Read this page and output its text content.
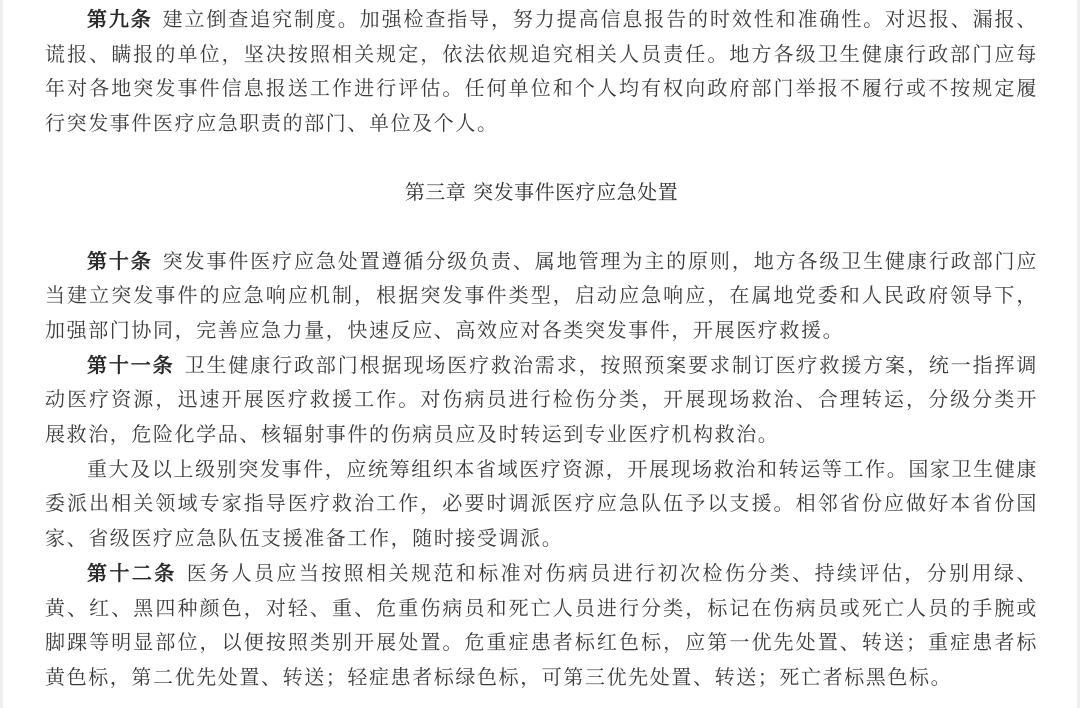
第九条 建立倒查追究制度。加强检查指导，努力提高信息报告的时效性和准确性。对迟报、漏报、谎报、瞒报的单位，坚决按照相关规定，依法依规追究相关人员责任。地方各级卫生健康行政部门应每年对各地突发事件信息报送工作进行评估。任何单位和个人均有权向政府部门举报不履行或不按规定履行突发事件医疗应急职责的部门、单位及个人。

第三章 突发事件医疗应急处置

第十条 突发事件医疗应急处置遵循分级负责、属地管理为主的原则，地方各级卫生健康行政部门应当建立突发事件的应急响应机制，根据突发事件类型，启动应急响应，在属地党委和人民政府领导下，加强部门协同，完善应急力量，快速反应、高效应对各类突发事件，开展医疗救援。

第十一条 卫生健康行政部门根据现场医疗救治需求，按照预案要求制订医疗救援方案，统一指挥调动医疗资源，迅速开展医疗救援工作。对伤病员进行检伤分类，开展现场救治、合理转运，分级分类开展救治，危险化学品、核辐射事件的伤病员应及时转运到专业医疗机构救治。

重大及以上级别突发事件，应统筹组织本省域医疗资源，开展现场救治和转运等工作。国家卫生健康委派出相关领域专家指导医疗救治工作，必要时调派医疗应急队伍予以支援。相邻省份应做好本省份国家、省级医疗应急队伍支援准备工作，随时接受调派。

第十二条 医务人员应当按照相关规范和标准对伤病员进行初次检伤分类、持续评估，分别用绿、黄、红、黑四种颜色，对轻、重、危重伤病员和死亡人员进行分类，标记在伤病员或死亡人员的手腕或脚踝等明显部位，以便按照类别开展处置。危重症患者标红色标，应第一优先处置、转送；重症患者标黄色标，第二优先处置、转送；轻症患者标绿色标，可第三优先处置、转送；死亡者标黑色标。
